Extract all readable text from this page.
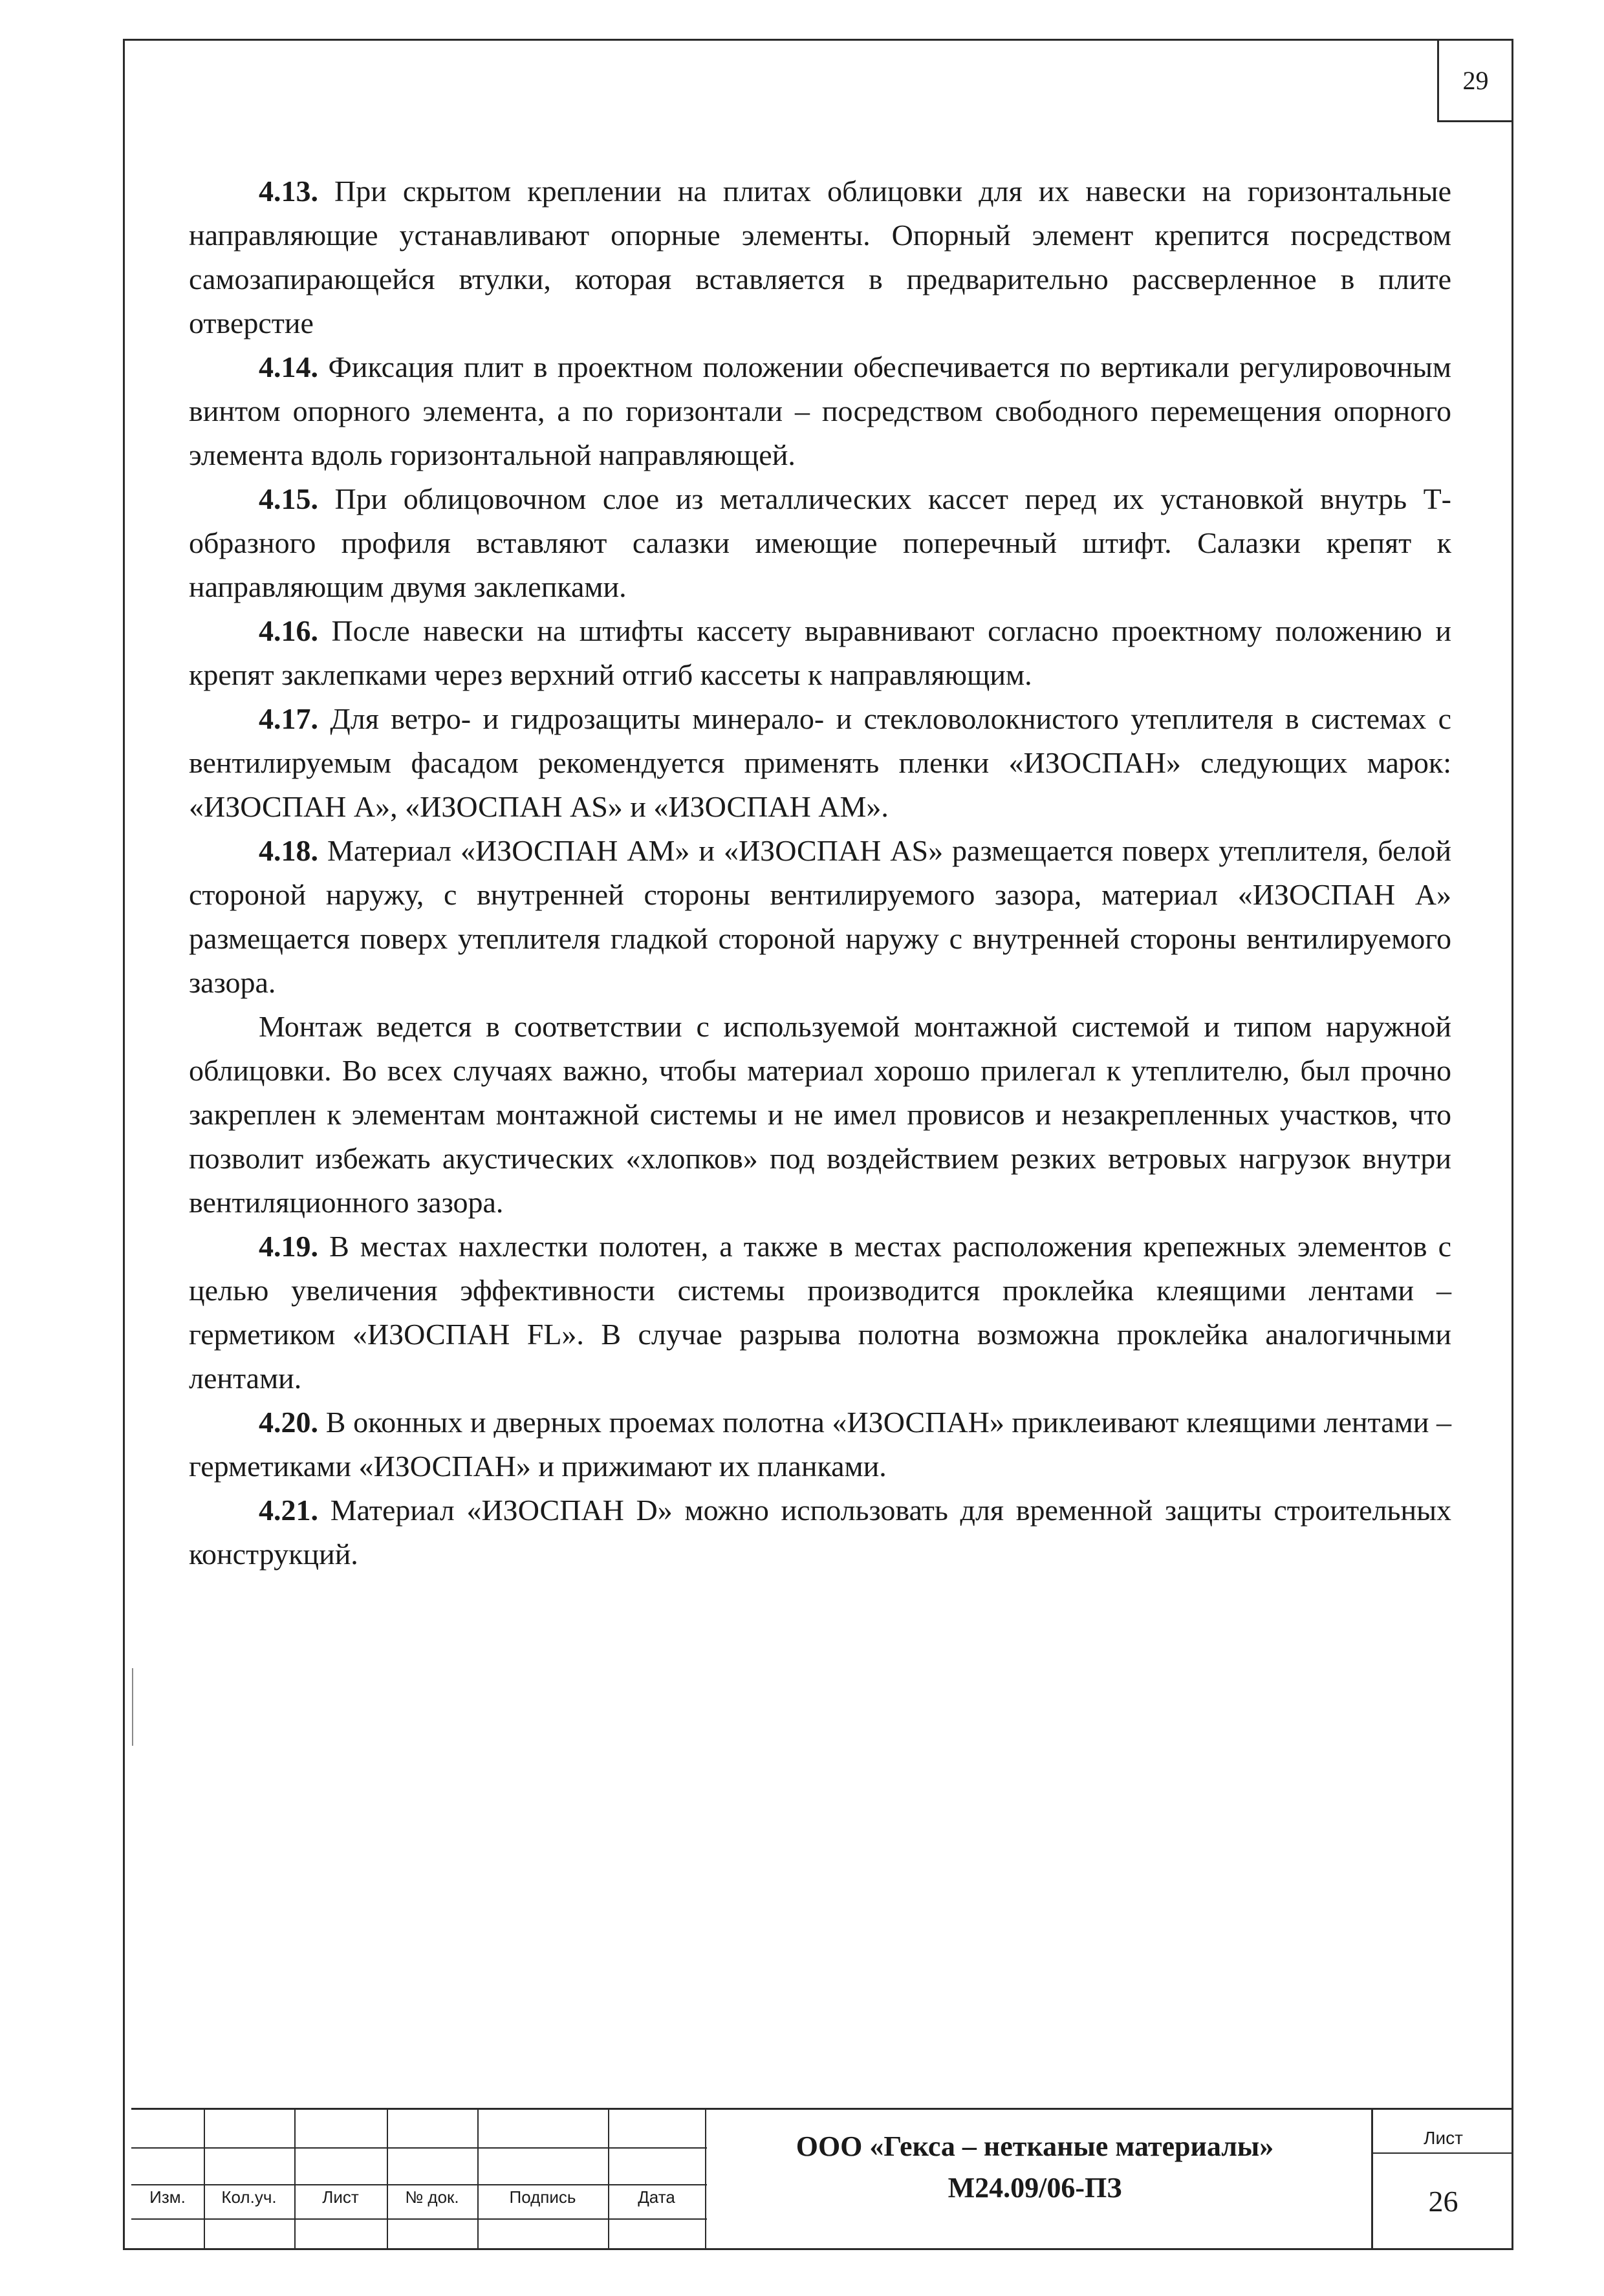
29

4.13. При скрытом креплении на плитах облицовки для их навески на горизонтальные направляющие устанавливают опорные элементы. Опорный элемент крепится посредством самозапирающейся втулки, которая вставляется в предварительно рассверленное в плите отверстие

4.14. Фиксация плит в проектном положении обеспечивается по вертикали регулировочным винтом опорного элемента, а по горизонтали – посредством свободного перемещения опорного элемента вдоль горизонтальной направляющей.

4.15. При облицовочном слое из металлических кассет перед их установкой внутрь Т-образного профиля вставляют салазки имеющие поперечный штифт. Салазки крепят к направляющим двумя заклепками.

4.16. После навески на штифты кассету выравнивают согласно проектному положению и крепят заклепками через верхний отгиб кассеты к направляющим.

4.17. Для ветро- и гидрозащиты минерало- и стекловолокнистого утеплителя в системах с вентилируемым фасадом рекомендуется применять пленки «ИЗОСПАН» следующих марок: «ИЗОСПАН А», «ИЗОСПАН AS» и «ИЗОСПАН АМ».

4.18. Материал «ИЗОСПАН АМ» и «ИЗОСПАН AS» размещается поверх утеплителя, белой стороной наружу, с внутренней стороны вентилируемого зазора, материал «ИЗОСПАН А» размещается поверх утеплителя гладкой стороной наружу с внутренней стороны вентилируемого зазора.

Монтаж ведется в соответствии с используемой монтажной системой и типом наружной облицовки. Во всех случаях важно, чтобы материал хорошо прилегал к утеплителю, был прочно закреплен к элементам монтажной системы и не имел провисов и незакрепленных участков, что позволит избежать акустических «хлопков» под воздействием резких ветровых нагрузок внутри вентиляционного зазора.

4.19. В местах нахлестки полотен, а также в местах расположения крепежных элементов с целью увеличения эффективности системы производится проклейка клеящими лентами – герметиком «ИЗОСПАН FL». В случае разрыва полотна возможна проклейка аналогичными лентами.

4.20. В оконных и дверных проемах полотна «ИЗОСПАН» приклеивают клеящими лентами – герметиками «ИЗОСПАН» и прижимают их планками.

4.21. Материал «ИЗОСПАН D» можно использовать для временной защиты строительных конструкций.

Изм.	Кол.уч.	Лист	№ док.	Подпись	Дата
ООО «Гекса – нетканые материалы»
М24.09/06-ПЗ
Лист
26
